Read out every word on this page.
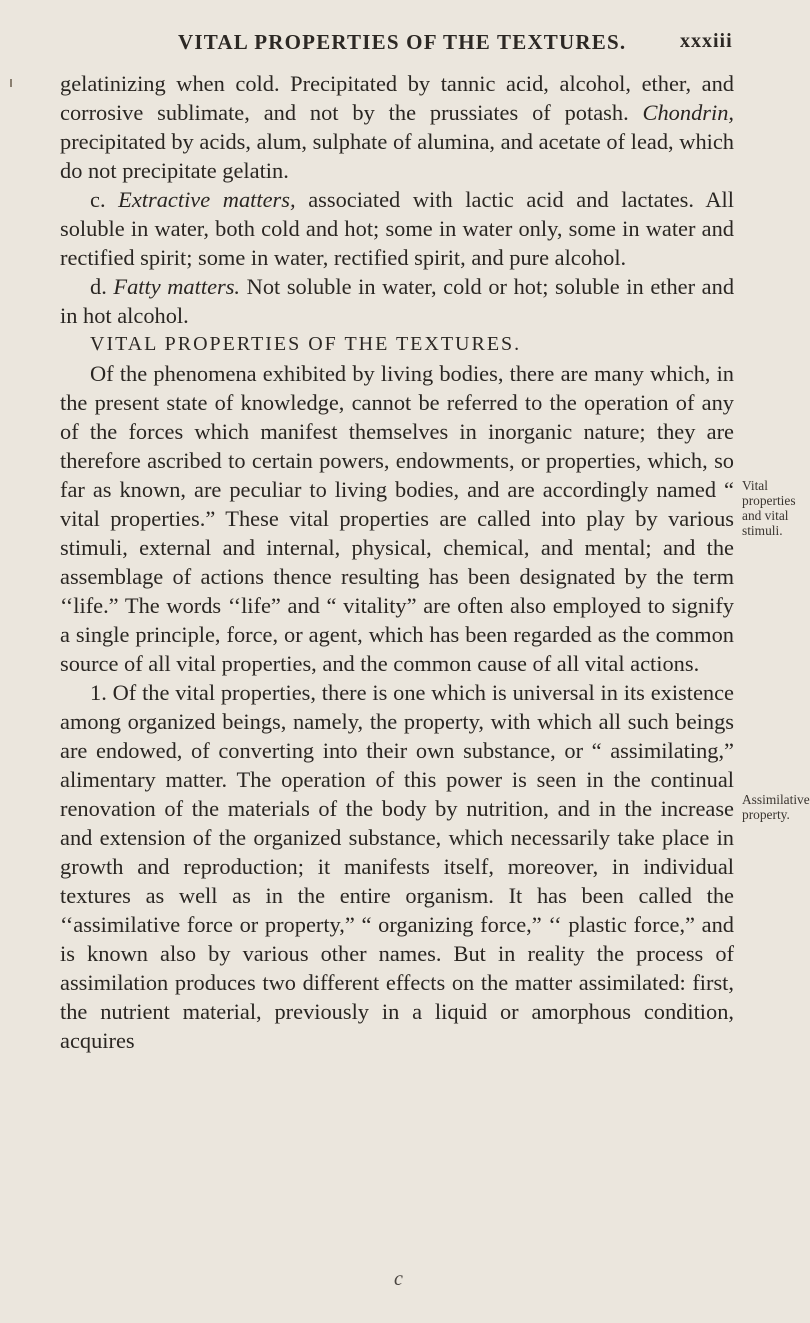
VITAL PROPERTIES OF THE TEXTURES.	xxxiii

gelatinizing when cold. Precipitated by tannic acid, alcohol, ether, and corrosive sublimate, and not by the prussiates of potash. Chondrin, precipitated by acids, alum, sulphate of alumina, and acetate of lead, which do not precipitate gelatin.

c. Extractive matters, associated with lactic acid and lactates. All soluble in water, both cold and hot; some in water only, some in water and rectified spirit; some in water, rectified spirit, and pure alcohol.

d. Fatty matters. Not soluble in water, cold or hot; soluble in ether and in hot alcohol.

VITAL PROPERTIES OF THE TEXTURES.

Of the phenomena exhibited by living bodies, there are many which, in the present state of knowledge, cannot be referred to the operation of any of the forces which manifest themselves in inorganic nature; they are therefore ascribed to certain powers, endowments, or properties, which, so far as known, are peculiar to living bodies, and are accordingly named “ vital properties.” These vital properties are called into play by various stimuli, external and internal, physical, chemical, and mental; and the assemblage of actions thence resulting has been designated by the term ‘‘life.” The words ‘‘life” and “ vitality” are often also employed to signify a single principle, force, or agent, which has been regarded as the common source of all vital properties, and the common cause of all vital actions.

1. Of the vital properties, there is one which is universal in its existence among organized beings, namely, the property, with which all such beings are endowed, of converting into their own substance, or “ assimilating,” alimentary matter. The operation of this power is seen in the continual renovation of the materials of the body by nutrition, and in the increase and extension of the organized substance, which necessarily take place in growth and reproduction; it manifests itself, moreover, in individual textures as well as in the entire organism. It has been called the ‘‘assimilative force or property,” “ organizing force,” ‘‘ plastic force,” and is known also by various other names. But in reality the process of assimilation produces two different effects on the matter assimilated: first, the nutrient material, previously in a liquid or amorphous condition, acquires

Vital properties and vital stimuli.
Assimilative property.
c
